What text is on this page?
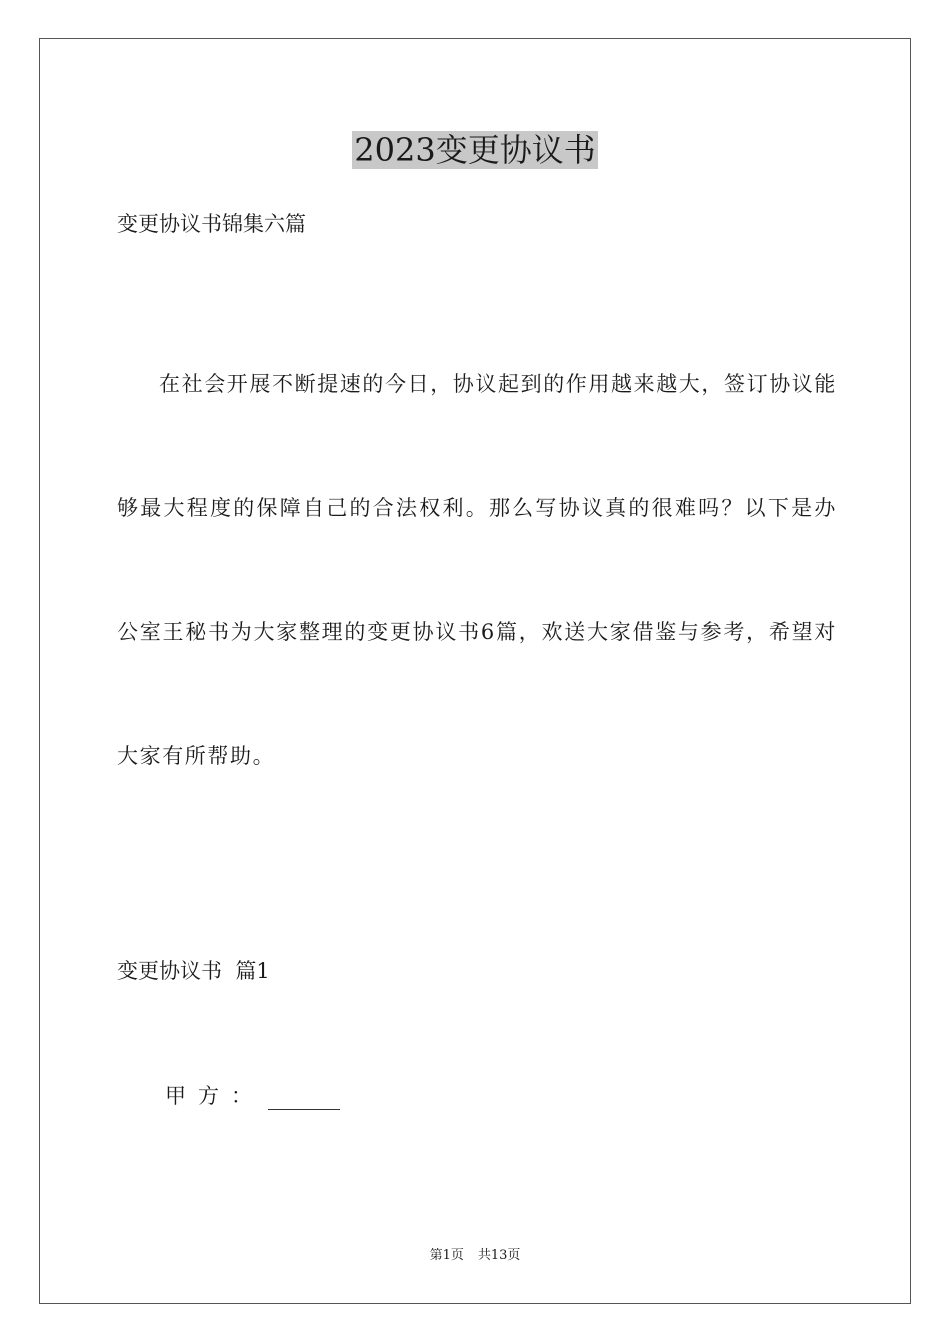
2023变更协议书

变更协议书锦集六篇

在社会开展不断提速的今日，协议起到的作用越来越大，签订协议能够最大程度的保障自己的合法权利。那么写协议真的很难吗？以下是办公室王秘书为大家整理的变更协议书6篇，欢送大家借鉴与参考，希望对大家有所帮助。

变更协议书  篇1

甲方：

第1页 共13页
